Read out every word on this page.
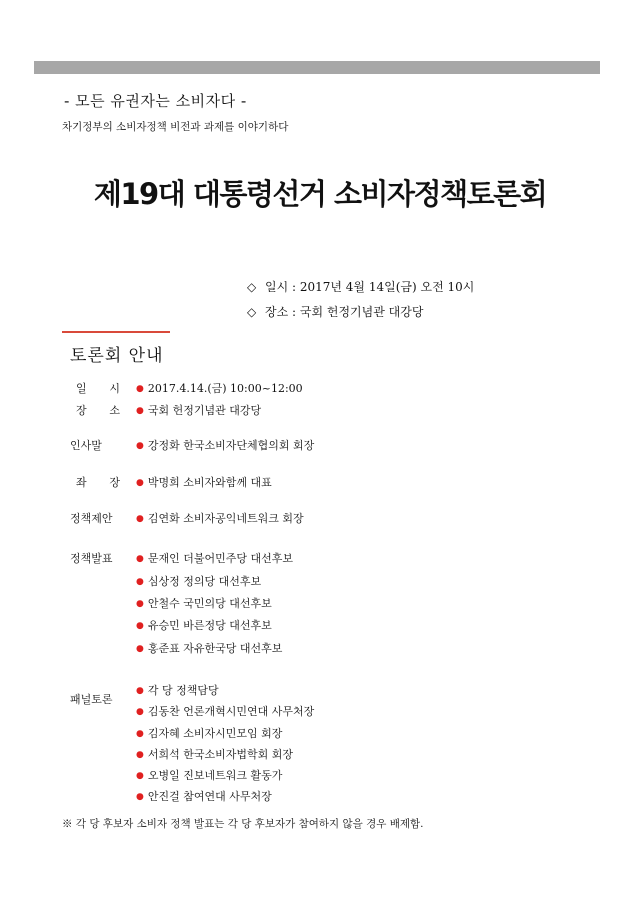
- 모든 유권자는 소비자다 -
차기정부의 소비자정책 비전과 과제를 이야기하다
제19대 대통령선거 소비자정책토론회
◇ 일시 : 2017년 4월 14일(금) 오전 10시
◇ 장소 : 국회 헌정기념관 대강당
토론회 안내
일 시 ● 2017.4.14.(금) 10:00~12:00
장 소 ● 국회 헌정기념관 대강당
인사말	● 강정화 한국소비자단체협의회 회장
좌 장 ● 박명희 소비자와함께 대표
정책제안	● 김연화 소비자공익네트워크 회장
정책발표	● 문재인 더불어민주당 대선후보
● 심상정 정의당 대선후보
● 안철수 국민의당 대선후보
● 유승민 바른정당 대선후보
● 홍준표 자유한국당 대선후보
패널토론
● 각 당 정책담당
● 김동찬 언론개혁시민연대 사무처장
● 김자혜 소비자시민모임 회장
● 서희석 한국소비자법학회 회장
● 오병일 진보네트워크 활동가
● 안진걸 참여연대 사무처장
※ 각 당 후보자 소비자 정책 발표는 각 당 후보자가 참여하지 않을 경우 배제함.
